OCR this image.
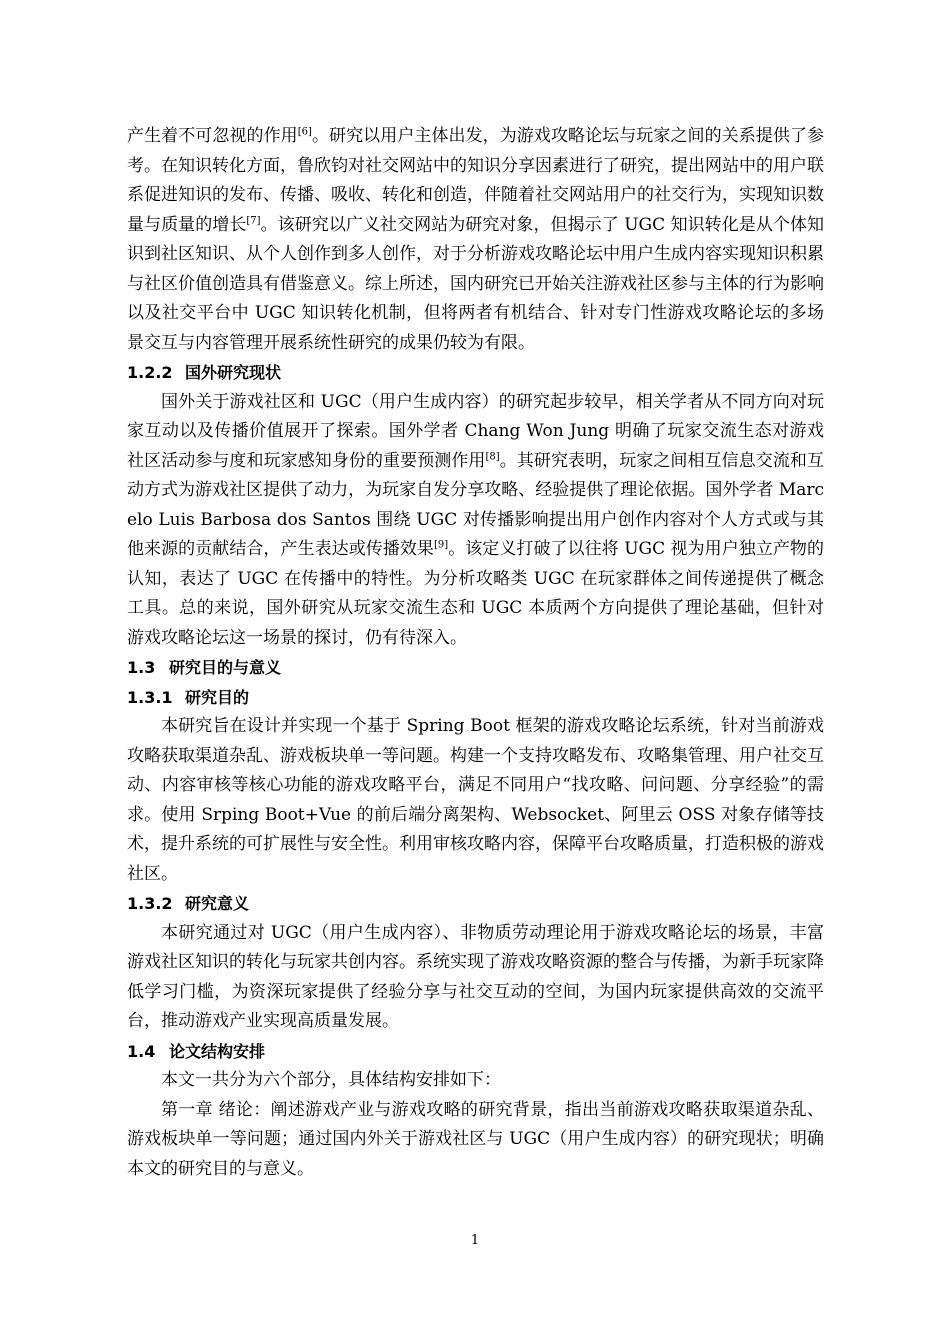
产生着不可忽视的作用[6]。研究以用户主体出发，为游戏攻略论坛与玩家之间的关系提供了参考。在知识转化方面，鲁欣钧对社交网站中的知识分享因素进行了研究，提出网站中的用户联系促进知识的发布、传播、吸收、转化和创造，伴随着社交网站用户的社交行为，实现知识数量与质量的增长[7]。该研究以广义社交网站为研究对象，但揭示了 UGC 知识转化是从个体知识到社区知识、从个人创作到多人创作，对于分析游戏攻略论坛中用户生成内容实现知识积累与社区价值创造具有借鉴意义。综上所述，国内研究已开始关注游戏社区参与主体的行为影响以及社交平台中 UGC 知识转化机制，但将两者有机结合、针对专门性游戏攻略论坛的多场景交互与内容管理开展系统性研究的成果仍较为有限。

1.2.2 国外研究现状

国外关于游戏社区和 UGC（用户生成内容）的研究起步较早，相关学者从不同方向对玩家互动以及传播价值展开了探索。国外学者 Chang Won Jung 明确了玩家交流生态对游戏社区活动参与度和玩家感知身份的重要预测作用[8]。其研究表明，玩家之间相互信息交流和互动方式为游戏社区提供了动力，为玩家自发分享攻略、经验提供了理论依据。国外学者 Marcelo Luis Barbosa dos Santos 围绕 UGC 对传播影响提出用户创作内容对个人方式或与其他来源的贡献结合，产生表达或传播效果[9]。该定义打破了以往将 UGC 视为用户独立产物的认知，表达了 UGC 在传播中的特性。为分析攻略类 UGC 在玩家群体之间传递提供了概念工具。总的来说，国外研究从玩家交流生态和 UGC 本质两个方向提供了理论基础，但针对游戏攻略论坛这一场景的探讨，仍有待深入。

1.3 研究目的与意义
1.3.1 研究目的

本研究旨在设计并实现一个基于 Spring Boot 框架的游戏攻略论坛系统，针对当前游戏攻略获取渠道杂乱、游戏板块单一等问题。构建一个支持攻略发布、攻略集管理、用户社交互动、内容审核等核心功能的游戏攻略平台，满足不同用户“找攻略、问问题、分享经验”的需求。使用 Srping Boot+Vue 的前后端分离架构、Websocket、阿里云 OSS 对象存储等技术，提升系统的可扩展性与安全性。利用审核攻略内容，保障平台攻略质量，打造积极的游戏社区。

1.3.2 研究意义

本研究通过对 UGC（用户生成内容）、非物质劳动理论用于游戏攻略论坛的场景，丰富游戏社区知识的转化与玩家共创内容。系统实现了游戏攻略资源的整合与传播，为新手玩家降低学习门槛，为资深玩家提供了经验分享与社交互动的空间，为国内玩家提供高效的交流平台，推动游戏产业实现高质量发展。

1.4 论文结构安排

本文一共分为六个部分，具体结构安排如下：

第一章 绪论：阐述游戏产业与游戏攻略的研究背景，指出当前游戏攻略获取渠道杂乱、游戏板块单一等问题；通过国内外关于游戏社区与 UGC（用户生成内容）的研究现状；明确本文的研究目的与意义。

1
